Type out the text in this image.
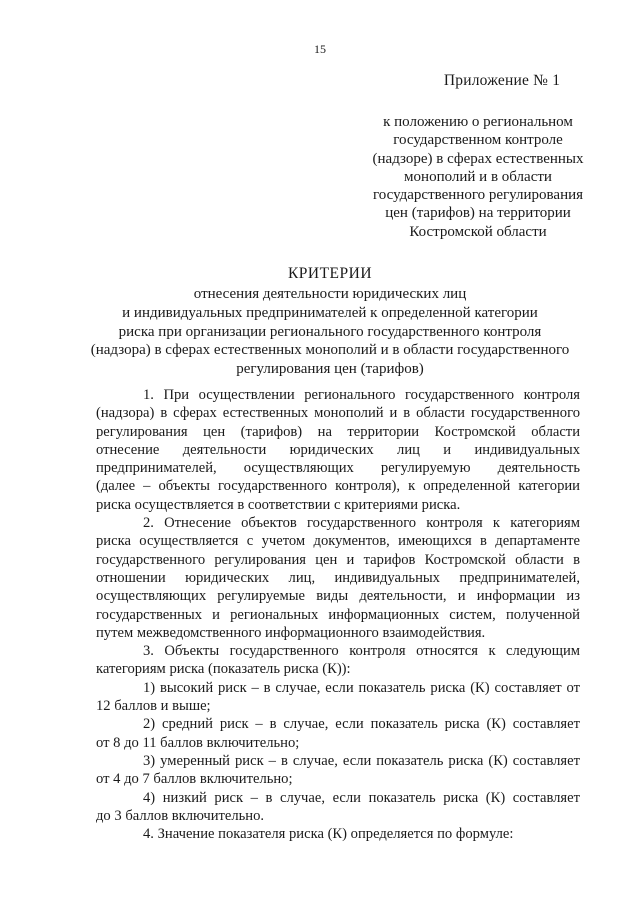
15
Приложение № 1
к положению о региональном
государственном контроле
(надзоре) в сферах естественных
монополий и в области
государственного регулирования
цен (тарифов) на территории
Костромской области
КРИТЕРИИ
отнесения деятельности юридических лиц
и индивидуальных предпринимателей к определенной категории
риска при организации регионального государственного контроля
(надзора) в сферах естественных монополий и в области государственного
регулирования цен (тарифов)
1. При осуществлении регионального государственного контроля
(надзора) в сферах естественных монополий и в области государственного
регулирования цен (тарифов) на территории Костромской области
отнесение деятельности юридических лиц и индивидуальных
предпринимателей, осуществляющих регулируемую деятельность
(далее – объекты государственного контроля), к определенной категории
риска осуществляется в соответствии с критериями риска.
2. Отнесение объектов государственного контроля к категориям
риска осуществляется с учетом документов, имеющихся в департаменте
государственного регулирования цен и тарифов Костромской области в
отношении юридических лиц, индивидуальных предпринимателей,
осуществляющих регулируемые виды деятельности, и информации из
государственных и региональных информационных систем, полученной
путем межведомственного информационного взаимодействия.
3. Объекты государственного контроля относятся к следующим
категориям риска (показатель риска (К)):
1) высокий риск – в случае, если показатель риска (К) составляет от
12 баллов и выше;
2) средний риск – в случае, если показатель риска (К) составляет
от 8 до 11 баллов включительно;
3) умеренный риск – в случае, если показатель риска (К) составляет
от 4 до 7 баллов включительно;
4) низкий риск – в случае, если показатель риска (К) составляет
до 3 баллов включительно.
4. Значение показателя риска (К) определяется по формуле:
